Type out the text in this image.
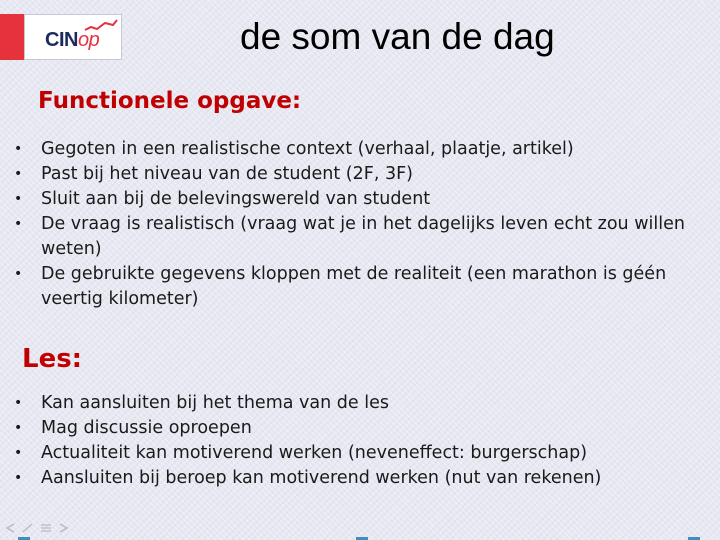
CINop	de som van de dag
Functionele opgave:
• Gegoten in een realistische context (verhaal, plaatje, artikel)
• Past bij het niveau van de student (2F, 3F)
• Sluit aan bij de belevingswereld van student
• De vraag is realistisch (vraag wat je in het dagelijks leven echt zou willen weten)
• De gebruikte gegevens kloppen met de realiteit (een marathon is géén veertig kilometer)
Les:
• Kan aansluiten bij het thema van de les
• Mag discussie oproepen
• Actualiteit kan motiverend werken (neveneffect: burgerschap)
• Aansluiten bij beroep kan motiverend werken (nut van rekenen)
